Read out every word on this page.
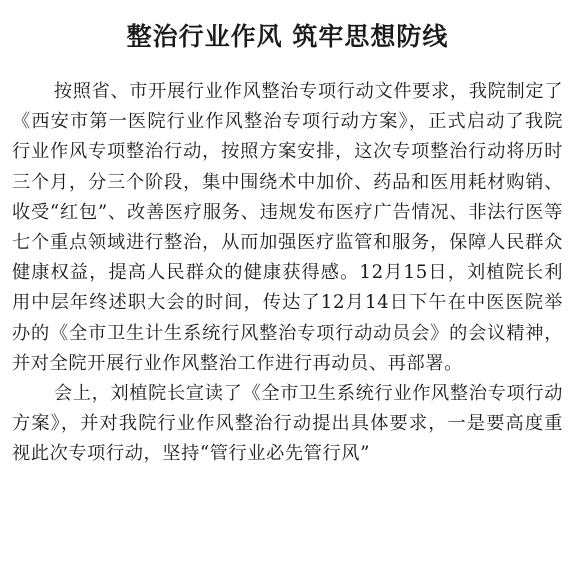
整治行业作风 筑牢思想防线

按照省、市开展行业作风整治专项行动文件要求，我院制定了《西安市第一医院行业作风整治专项行动方案》，正式启动了我院行业作风专项整治行动，按照方案安排，这次专项整治行动将历时三个月，分三个阶段，集中围绕术中加价、药品和医用耗材购销、收受“红包”、改善医疗服务、违规发布医疗广告情况、非法行医等七个重点领域进行整治，从而加强医疗监管和服务，保障人民群众健康权益，提高人民群众的健康获得感。12月15日，刘植院长利用中层年终述职大会的时间，传达了12月14日下午在中医医院举办的《全市卫生计生系统行风整治专项行动动员会》的会议精神，并对全院开展行业作风整治工作进行再动员、再部署。

会上，刘植院长宣读了《全市卫生系统行业作风整治专项行动方案》，并对我院行业作风整治行动提出具体要求，一是要高度重视此次专项行动，坚持“管行业必先管行风”
